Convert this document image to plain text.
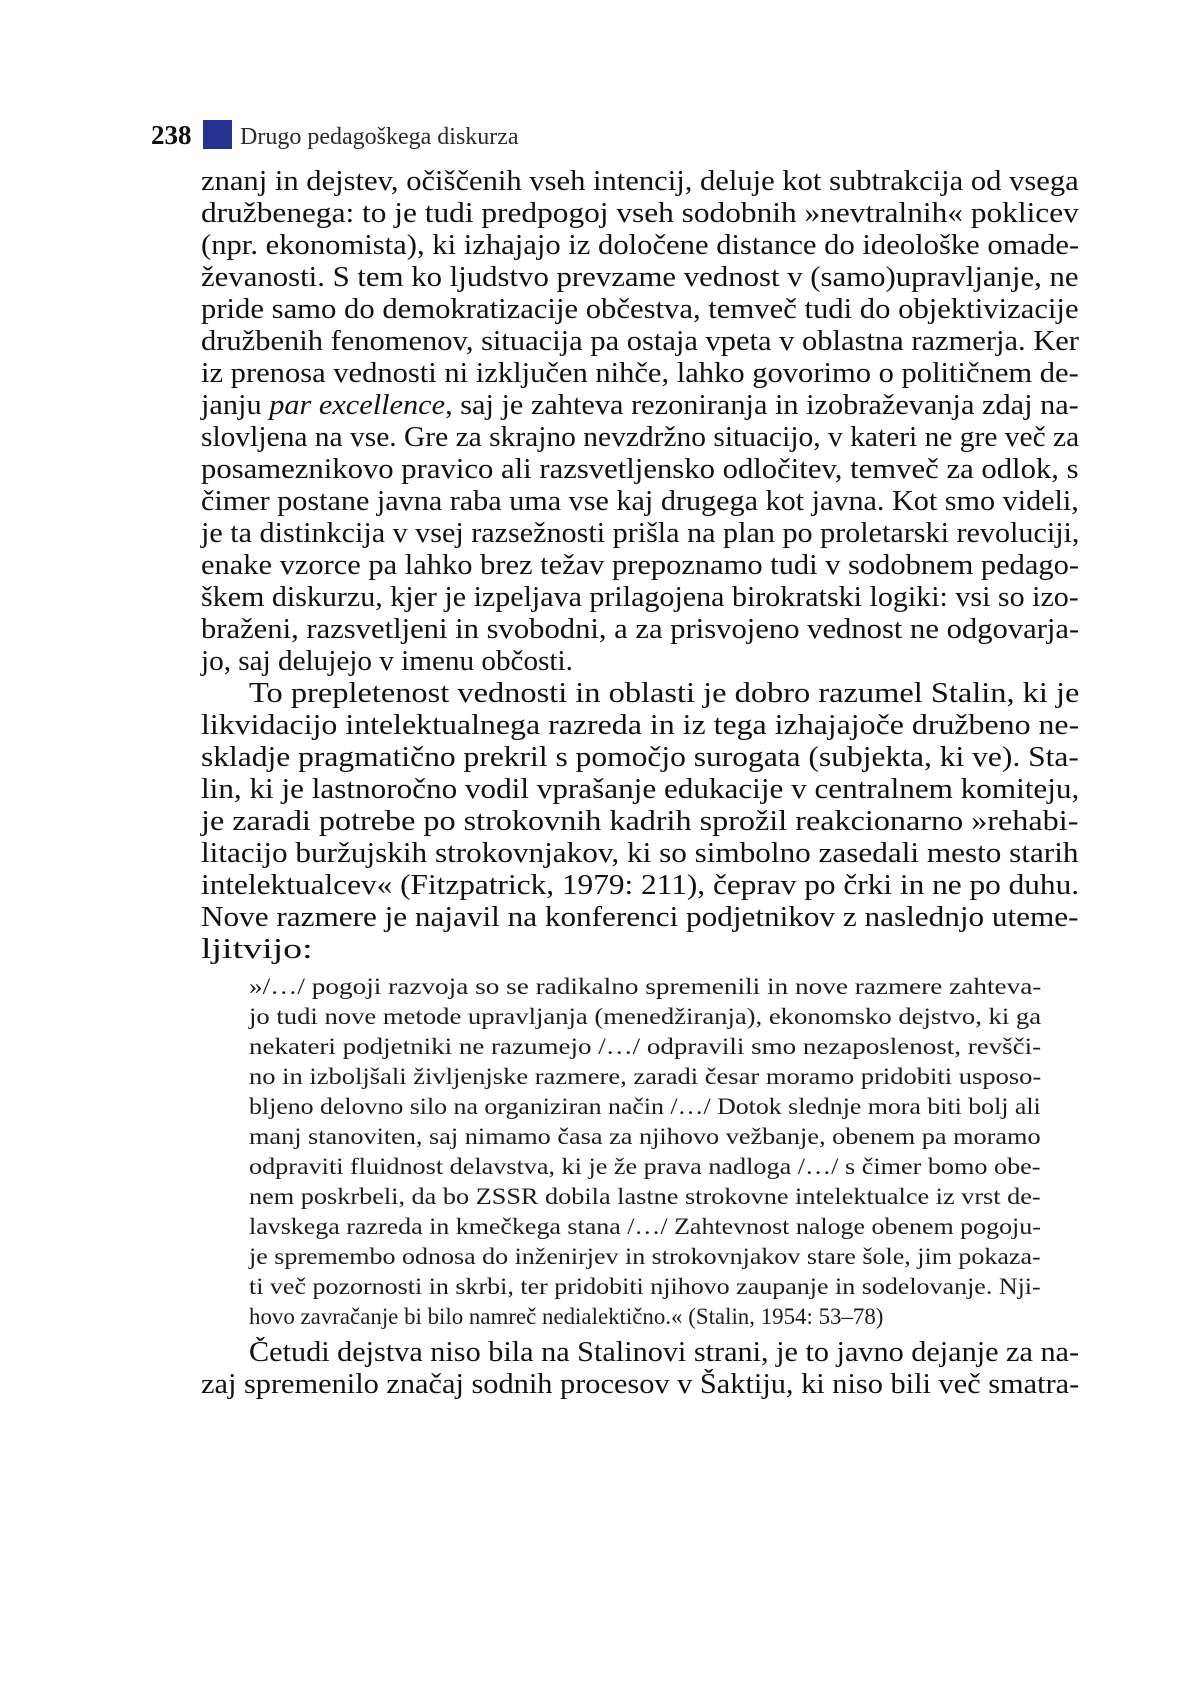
238 Drugo pedagoškega diskurza
znanj in dejstev, očiščenih vseh intencij, deluje kot subtrakcija od vsega
družbenega: to je tudi predpogoj vseh sodobnih »nevtralnih« poklicev
(npr. ekonomista), ki izhajajo iz določene distance do ideološke omade-
ževanosti. S tem ko ljudstvo prevzame vednost v (samo)upravljanje, ne
pride samo do demokratizacije občestva, temveč tudi do objektivizacije
družbenih fenomenov, situacija pa ostaja vpeta v oblastna razmerja. Ker
iz prenosa vednosti ni izključen nihče, lahko govorimo o političnem de-
janju par excellence, saj je zahteva rezoniranja in izobraževanja zdaj na-
slovljena na vse. Gre za skrajno nevzdržno situacijo, v kateri ne gre več za
posameznikovo pravico ali razsvetljensko odločitev, temveč za odlok, s
čimer postane javna raba uma vse kaj drugega kot javna. Kot smo videli,
je ta distinkcija v vsej razsežnosti prišla na plan po proletarski revoluciji,
enake vzorce pa lahko brez težav prepoznamo tudi v sodobnem pedago-
škem diskurzu, kjer je izpeljava prilagojena birokratski logiki: vsi so izo-
braženi, razsvetljeni in svobodni, a za prisvojeno vednost ne odgovarja-
jo, saj delujejo v imenu občosti.
To prepletenost vednosti in oblasti je dobro razumel Stalin, ki je
likvidacijo intelektualnega razreda in iz tega izhajajoče družbeno ne-
skladje pragmatično prekril s pomočjo surogata (subjekta, ki ve). Sta-
lin, ki je lastnoročno vodil vprašanje edukacije v centralnem komiteju,
je zaradi potrebe po strokovnih kadrih sprožil reakcionarno »rehabi-
litacijo buržujskih strokovnjakov, ki so simbolno zasedali mesto starih
intelektualcev« (Fitzpatrick, 1979: 211), čeprav po črki in ne po duhu.
Nove razmere je najavil na konferenci podjetnikov z naslednjo uteme-
ljitvijo:
»/…/ pogoji razvoja so se radikalno spremenili in nove razmere zahteva-
jo tudi nove metode upravljanja (menedžiranja), ekonomsko dejstvo, ki ga
nekateri podjetniki ne razumejo /…/ odpravili smo nezaposlenost, revšči-
no in izboljšali življenjske razmere, zaradi česar moramo pridobiti usposo-
bljeno delovno silo na organiziran način /…/ Dotok slednje mora biti bolj ali
manj stanoviten, saj nimamo časa za njihovo vežbanje, obenem pa moramo
odpraviti fluidnost delavstva, ki je že prava nadloga /…/ s čimer bomo obe-
nem poskrbeli, da bo ZSSR dobila lastne strokovne intelektualce iz vrst de-
lavskega razreda in kmečkega stana /…/ Zahtevnost naloge obenem pogoju-
je spremembo odnosa do inženirjev in strokovnjakov stare šole, jim pokaza-
ti več pozornosti in skrbi, ter pridobiti njihovo zaupanje in sodelovanje. Nji-
hovo zavračanje bi bilo namreč nedialektično.« (Stalin, 1954: 53–78)
Četudi dejstva niso bila na Stalinovi strani, je to javno dejanje za na-
zaj spremenilo značaj sodnih procesov v Šaktiju, ki niso bili več smatra-
